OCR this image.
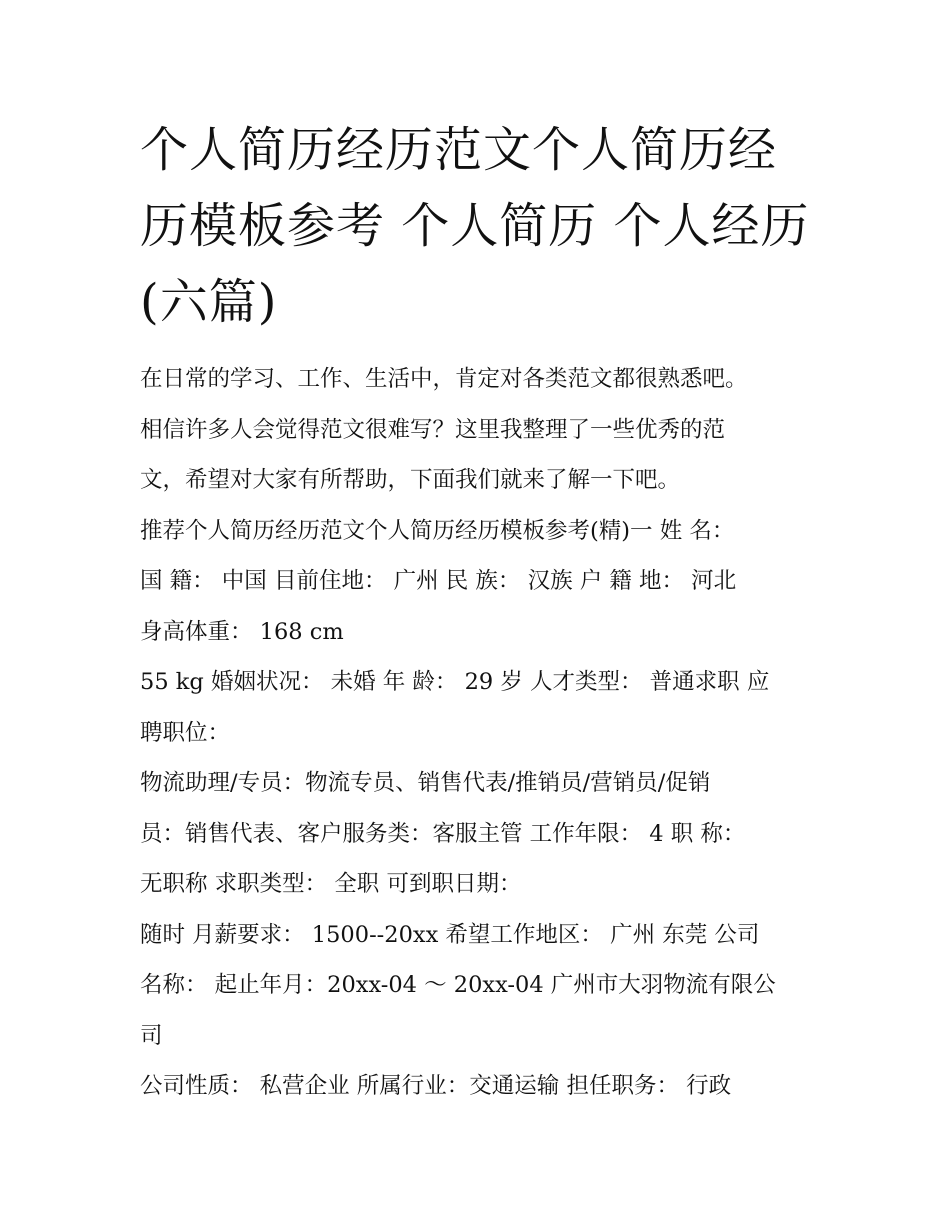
个人简历经历范文个人简历经历模板参考 个人简历 个人经历(六篇)
在日常的学习、工作、生活中，肯定对各类范文都很熟悉吧。
相信许多人会觉得范文很难写？这里我整理了一些优秀的范
文，希望对大家有所帮助，下面我们就来了解一下吧。
推荐个人简历经历范文个人简历经历模板参考(精)一 姓 名：
国 籍： 中国 目前住地： 广州 民 族： 汉族 户 籍 地： 河北
身高体重： 168 cm
55 kg 婚姻状况： 未婚 年 龄： 29 岁 人才类型： 普通求职 应
聘职位：
物流助理/专员：物流专员、销售代表/推销员/营销员/促销
员：销售代表、客户服务类：客服主管 工作年限： 4 职 称：
无职称 求职类型： 全职 可到职日期：
随时 月薪要求： 1500--20xx 希望工作地区： 广州 东莞 公司
名称： 起止年月：20xx-04 ～ 20xx-04 广州市大羽物流有限公
司
公司性质： 私营企业 所属行业：交通运输 担任职务： 行政
